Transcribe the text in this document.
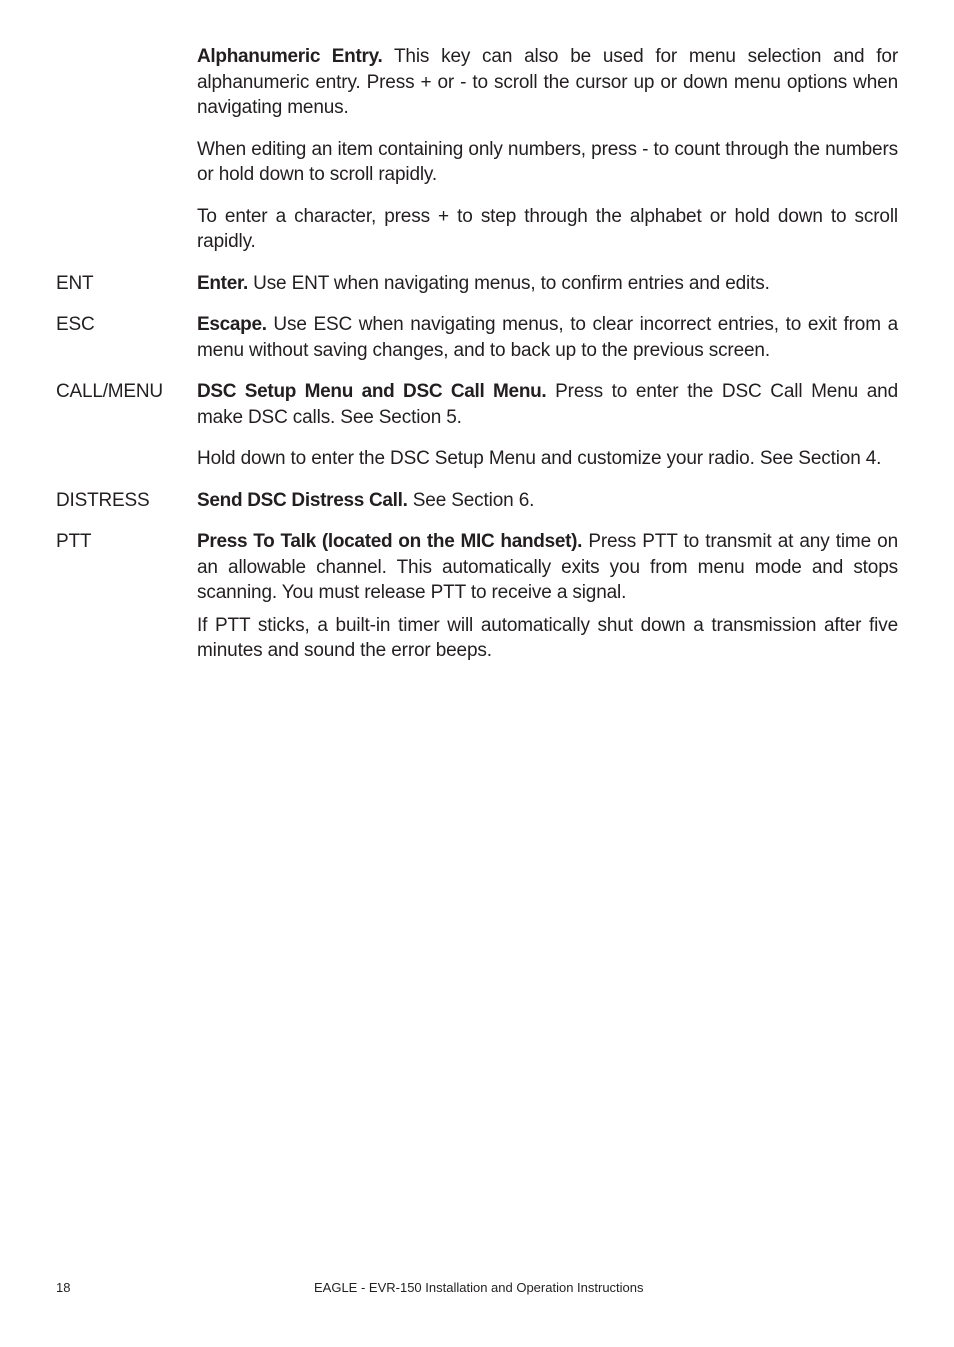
Alphanumeric Entry. This key can also be used for menu selection and for alphanumeric entry. Press + or - to scroll the cursor up or down menu options when navigating menus.

When editing an item containing only numbers, press - to count through the numbers or hold down to scroll rapidly.

To enter a character, press + to step through the alphabet or hold down to scroll rapidly.

ENT	Enter. Use ENT when navigating menus, to confirm entries and edits.

ESC	Escape. Use ESC when navigating menus, to clear incorrect entries, to exit from a menu without saving changes, and to back up to the previous screen.

CALL/MENU	DSC Setup Menu and DSC Call Menu. Press to enter the DSC Call Menu and make DSC calls. See Section 5.

Hold down to enter the DSC Setup Menu and customize your radio. See Section 4.

DISTRESS	Send DSC Distress Call. See Section 6.

PTT	Press To Talk (located on the MIC handset). Press PTT to transmit at any time on an allowable channel. This automatically exits you from menu mode and stops scanning. You must release PTT to receive a signal.

If PTT sticks, a built-in timer will automatically shut down a transmission after five minutes and sound the error beeps.

18	EAGLE - EVR-150 Installation and Operation Instructions
